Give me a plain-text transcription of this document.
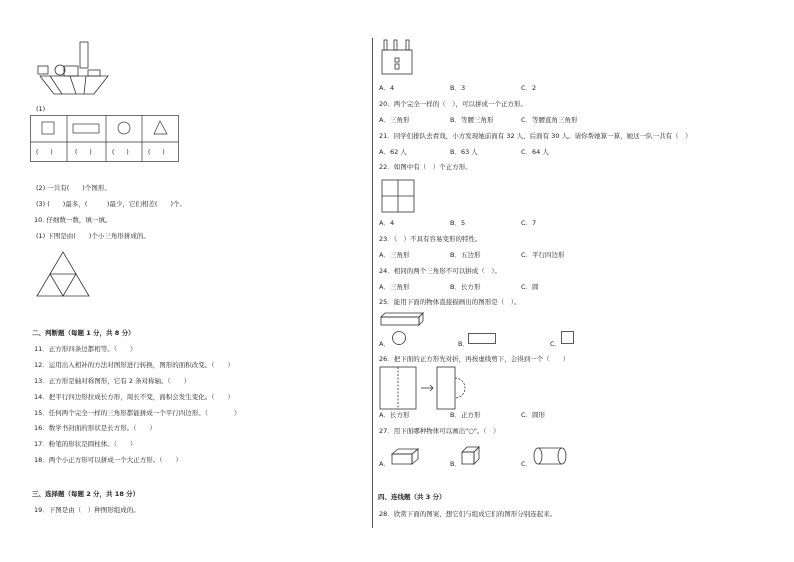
(1)
(　　)	(　　)	(　　)	(　　)
(2) 一共有(　　)个图形。
(3) (　　)最多，(　　　)最少，它们相差(　　)个。
10. 仔细数一数，填一填。
(1) 下图是由(　　)个小三角形拼成的。
二、判断题（每题 1 分，共 8 分）
11．正方形四条边都相等。（　　）
12．运用出入相补的方法对图形进行转换，图形的面积改变。（　　）
13．正方形是轴对称图形，它有 2 条对称轴。（　　）
14．把平行四边形拉成长方形，周长不变，面积会发生变化。（　　）
15．任何两个完全一样的三角形都能拼成一个平行四边形。（　　　　）
16．数学书封面的形状是长方形。（　　）
17．粉笔的形状是圆柱体。（　　）
18．两个小正方形可以拼成一个大正方形。（　　）
三、选择题（每题 2 分，共 18 分）
19．下图是由（　）种图形组成的。
A．4	B．3	C．2
20．两个完全一样的（　），可以拼成一个正方形。
A．三角形	B．等腰三角形	C．等腰直角三角形
21．同学们排队去看戏，小方发现她前面有 32 人，后面有 30 人。请你帮她算一算，她这一队一共有（　）
A．62 人	B．63 人	C．64 人
22．如图中有（　）个正方形。
A．4	B．5	C．7
23．（　）不具有容易变形的特性。
A．三角形	B．五边形	C．平行四边形
24．相同的两个三角形不可以拼成（　）。
A．三角形	B．长方形	C．圆
25．能用下面的物体直接描画出的图形是（　）。
A．	B．	C．
26．把下面的正方形先对折，再按虚线剪下，会得到一个（　　）
A．长方形	B．正方形	C．圆形
27．用下面哪种物体可以画出"○"。（　）
A．	B．	C．
四、连线题（共 3 分）
28．欣赏下面的图案，想它们与组成它们的图形分别连起来。
